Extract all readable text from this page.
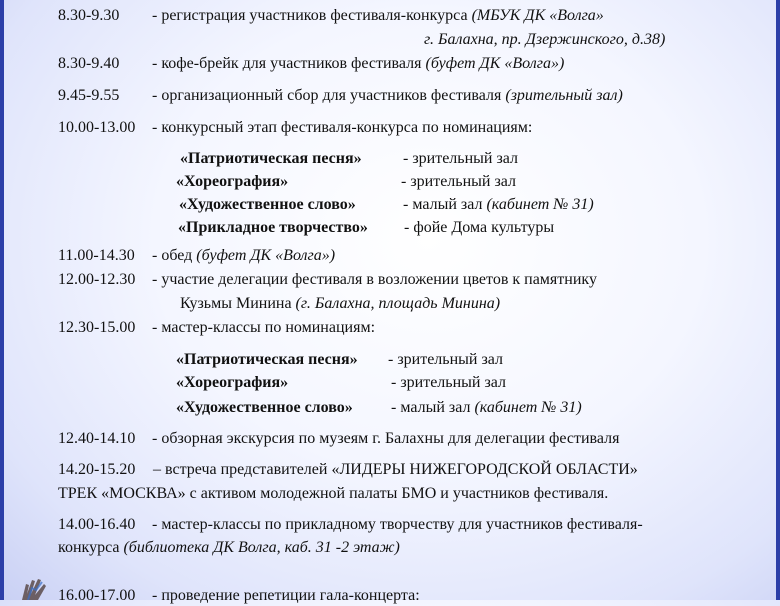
8.30-9.30 - регистрация участников фестиваля-конкурса (МБУК ДК «Волга»
г. Балахна, пр. Дзержинского, д.38)
8.30-9.40 - кофе-брейк для участников фестиваля (буфет ДК «Волга»)
9.45-9.55 - организационный сбор для участников фестиваля (зрительный зал)
10.00-13.00 - конкурсный этап фестиваля-конкурса по номинациям:
«Патриотическая песня»	- зрительный зал
«Хореография»	- зрительный зал
«Художественное слово»	- малый зал (кабинет № 31)
«Прикладное творчество» - фойе Дома культуры
11.00-14.30 - обед (буфет ДК «Волга»)
12.00-12.30 - участие делегации фестиваля в возложении цветов к памятнику
Кузьмы Минина (г. Балахна, площадь Минина)
12.30-15.00 - мастер-классы по номинациям:
«Патриотическая песня» - зрительный зал
«Хореография»	- зрительный зал
«Художественное слово» - малый зал (кабинет № 31)
12.40-14.10 - обзорная экскурсия по музеям г. Балахны для делегации фестиваля
14.20-15.20 – встреча представителей «ЛИДЕРЫ НИЖЕГОРОДСКОЙ ОБЛАСТИ»
ТРЕК «МОСКВА» с активом молодежной палаты БМО и участников фестиваля.
14.00-16.40 - мастер-классы по прикладному творчеству для участников фестиваля-
конкурса (библиотека ДК Волга, каб. 31 -2 этаж)
16.00-17.00 - проведение репетиции гала-концерта:
